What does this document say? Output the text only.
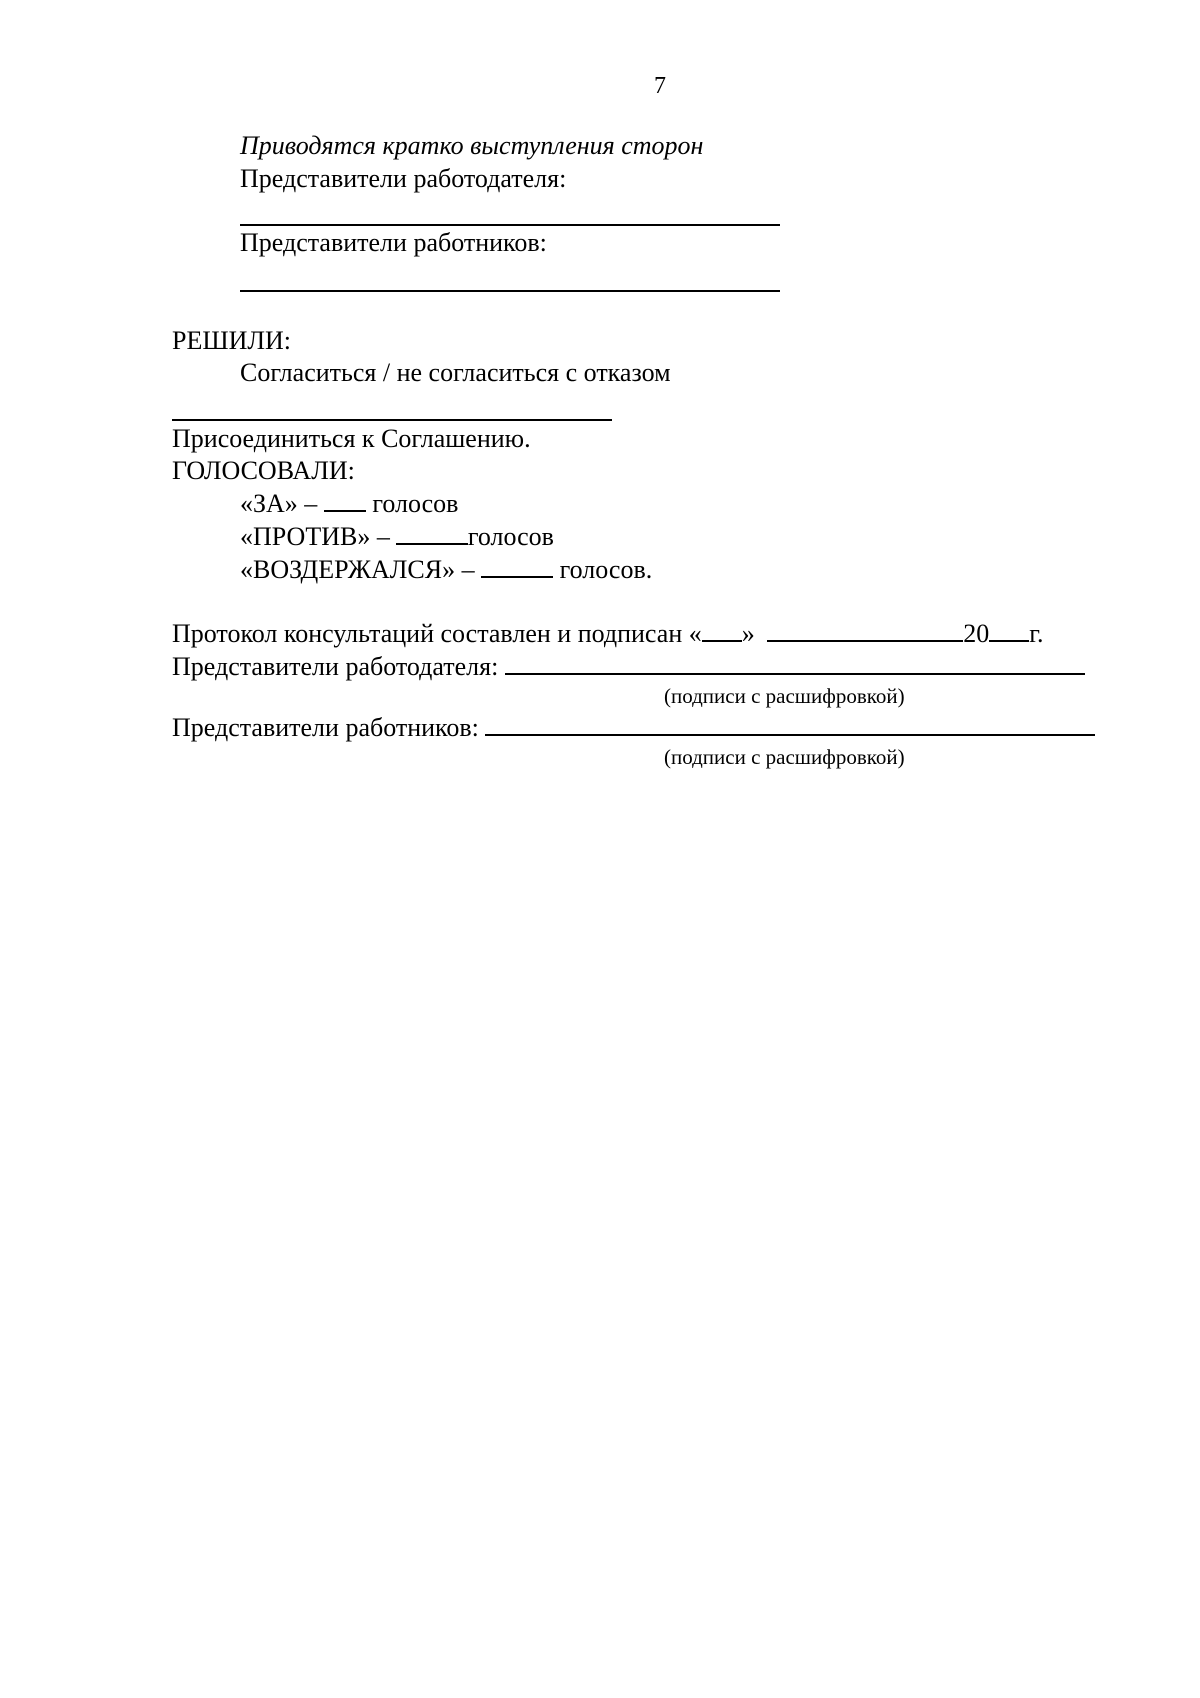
7
Приводятся кратко выступления сторон
Представители работодателя:
Представители работников:
РЕШИЛИ:
Согласиться / не согласиться с отказом
Присоединиться к Соглашению.
ГОЛОСОВАЛИ:
«ЗА» – голосов
«ПРОТИВ» –	голосов
«ВОЗДЕРЖАЛСЯ» –	голосов.
Протокол консультаций составлен и подписан « »	20 г.
Представители работодателя:
(подписи с расшифровкой)
Представители работников:
(подписи с расшифровкой)
